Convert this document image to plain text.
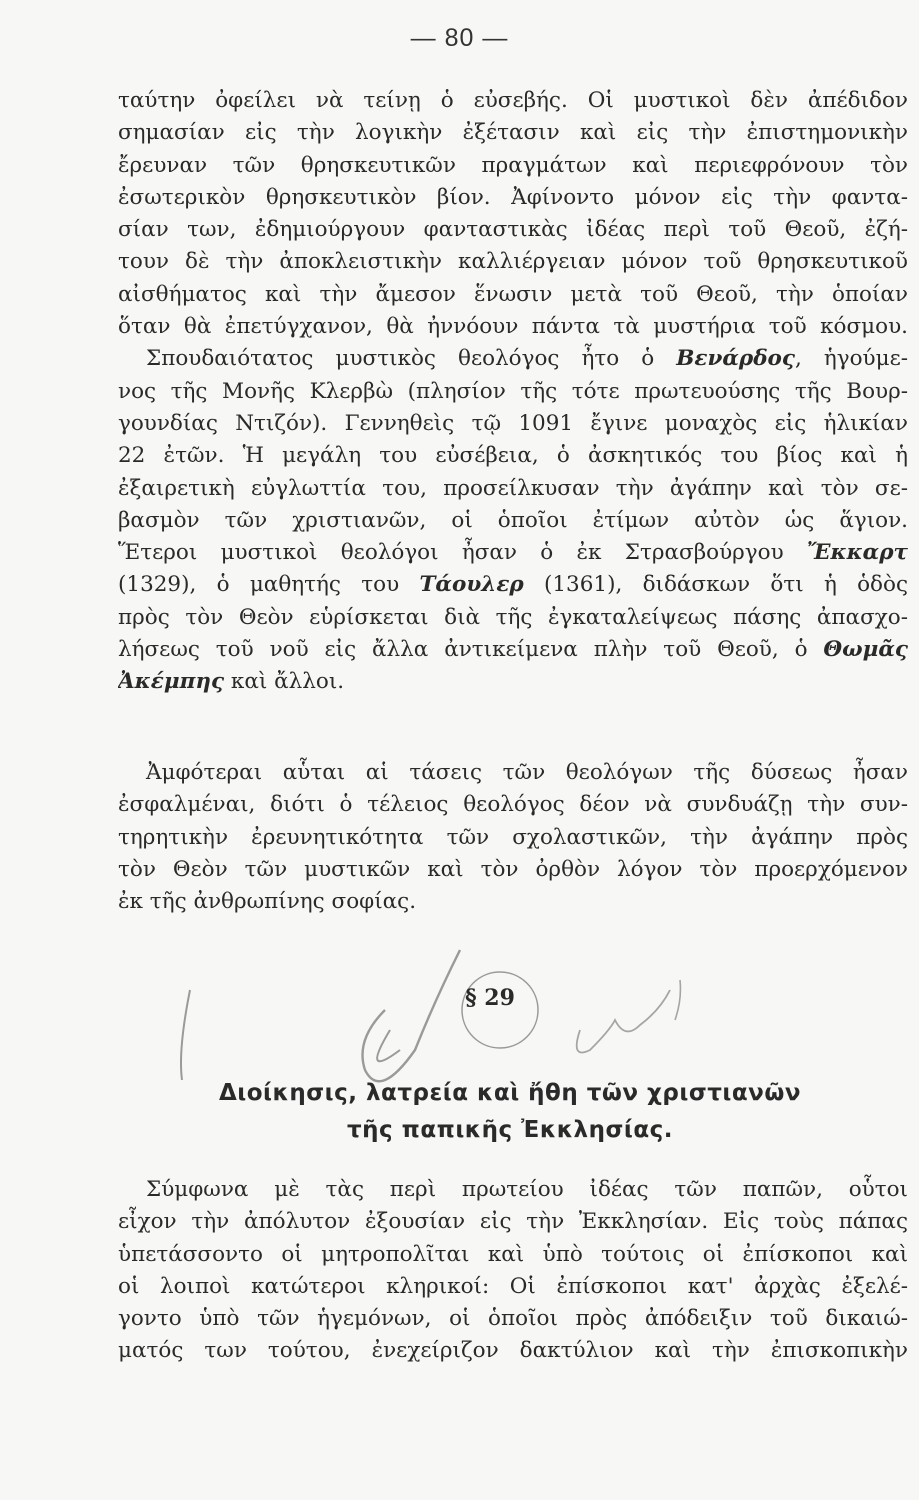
— 80 —
ταύτην ὀφείλει νὰ τείνῃ ὁ εὐσεβής. Οἱ μυστικοὶ δὲν ἀπέδιδον
σημασίαν εἰς τὴν λογικὴν ἐξέτασιν καὶ εἰς τὴν ἐπιστημονικὴν
ἔρευναν τῶν θρησκευτικῶν πραγμάτων καὶ περιεφρόνουν τὸν
ἐσωτερικὸν θρησκευτικὸν βίον. Ἀφίνοντο μόνον εἰς τὴν φαντα-
σίαν των, ἐδημιούργουν φανταστικὰς ἰδέας περὶ τοῦ Θεοῦ, ἐζή-
τουν δὲ τὴν ἀποκλειστικὴν καλλιέργειαν μόνον τοῦ θρησκευτικοῦ
αἰσθήματος καὶ τὴν ἄμεσον ἕνωσιν μετὰ τοῦ Θεοῦ, τὴν ὁποίαν
ὅταν θὰ ἐπετύγχανον, θὰ ἠννόουν πάντα τὰ μυστήρια τοῦ κόσμου.
Σπουδαιότατος μυστικὸς θεολόγος ἦτο ὁ Βενάρδος, ἡγούμε-
νος τῆς Μονῆς Κλερβὼ (πλησίον τῆς τότε πρωτευούσης τῆς Βουρ-
γουνδίας Ντιζόν). Γεννηθεὶς τῷ 1091 ἔγινε μοναχὸς εἰς ἡλικίαν
22 ἐτῶν. Ἡ μεγάλη του εὐσέβεια, ὁ ἀσκητικός του βίος καὶ ἡ
ἐξαιρετικὴ εὐγλωττία του, προσείλκυσαν τὴν ἀγάπην καὶ τὸν σε-
βασμὸν τῶν χριστιανῶν, οἱ ὁποῖοι ἐτίμων αὐτὸν ὡς ἅγιον.
Ἕτεροι μυστικοὶ θεολόγοι ἦσαν ὁ ἐκ Στρασβούργου Ἔκκαρτ
(1329), ὁ μαθητής του Τάουλερ (1361), διδάσκων ὅτι ἡ ὁδὸς
πρὸς τὸν Θεὸν εὑρίσκεται διὰ τῆς ἐγκαταλείψεως πάσης ἀπασχο-
λήσεως τοῦ νοῦ εἰς ἄλλα ἀντικείμενα πλὴν τοῦ Θεοῦ, ὁ Θωμᾶς
Ἀκέμπης καὶ ἄλλοι.
Ἀμφότεραι αὗται αἱ τάσεις τῶν θεολόγων τῆς δύσεως ἦσαν
ἐσφαλμέναι, διότι ὁ τέλειος θεολόγος δέον νὰ συνδυάζῃ τὴν συν-
τηρητικὴν ἐρευνητικότητα τῶν σχολαστικῶν, τὴν ἀγάπην πρὸς
τὸν Θεὸν τῶν μυστικῶν καὶ τὸν ὀρθὸν λόγον τὸν προερχόμενον
ἐκ τῆς ἀνθρωπίνης σοφίας.
§ 29
Διοίκησις, λατρεία καὶ ἤθη τῶν χριστιανῶν
τῆς παπικῆς Ἐκκλησίας.
Σύμφωνα μὲ τὰς περὶ πρωτείου ἰδέας τῶν παπῶν, οὗτοι
εἶχον τὴν ἀπόλυτον ἐξουσίαν εἰς τὴν Ἐκκλησίαν. Εἰς τοὺς πάπας
ὑπετάσσοντο οἱ μητροπολῖται καὶ ὑπὸ τούτοις οἱ ἐπίσκοποι καὶ
οἱ λοιποὶ κατώτεροι κληρικοί: Οἱ ἐπίσκοποι κατ' ἀρχὰς ἐξελέ-
γοντο ὑπὸ τῶν ἡγεμόνων, οἱ ὁποῖοι πρὸς ἀπόδειξιν τοῦ δικαιώ-
ματός των τούτου, ἐνεχείριζον δακτύλιον καὶ τὴν ἐπισκοπικὴν
